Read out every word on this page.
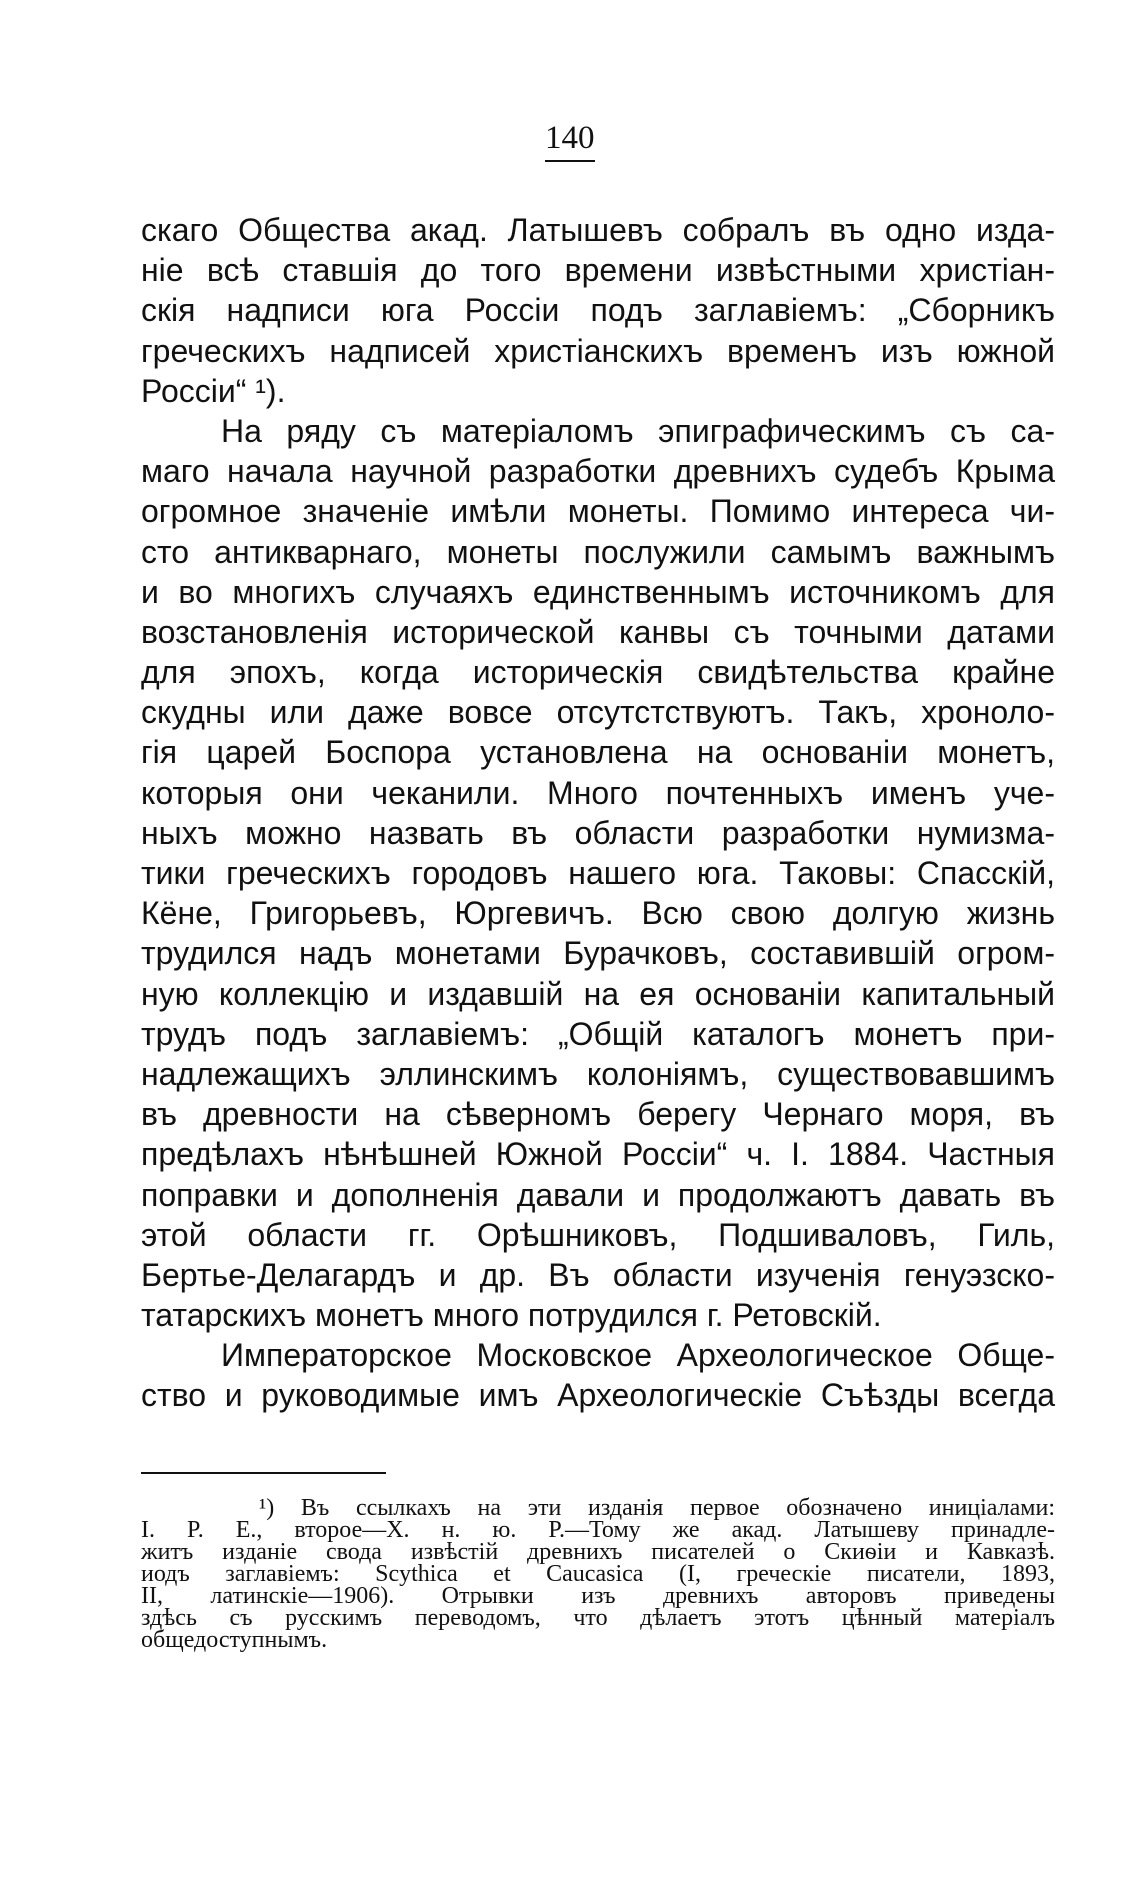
140
скаго Общества акад. Латышевъ собралъ въ одно изда-
ніе всѣ ставшія до того времени извѣстными христіан-
скія надписи юга Россіи подъ заглавіемъ: „Сборникъ
греческихъ надписей христіанскихъ временъ изъ южной
Россіи“ ¹).
На ряду съ матеріаломъ эпиграфическимъ съ са-
маго начала научной разработки древнихъ судебъ Крыма
огромное значеніе имѣли монеты. Помимо интереса чи-
сто антикварнаго, монеты послужили самымъ важнымъ
и во многихъ случаяхъ единственнымъ источникомъ для
возстановленія исторической канвы съ точными датами
для эпохъ, когда историческія свидѣтельства крайне
скудны или даже вовсе отсутстствуютъ. Такъ, хроноло-
гія царей Боспора установлена на основаніи монетъ,
которыя они чеканили. Много почтенныхъ именъ уче-
ныхъ можно назвать въ области разработки нумизма-
тики греческихъ городовъ нашего юга. Таковы: Спасскій,
Кёне, Григорьевъ, Юргевичъ. Всю свою долгую жизнь
трудился надъ монетами Бурачковъ, составившій огром-
ную коллекцію и издавшій на ея основаніи капитальный
трудъ подъ заглавіемъ: „Общій каталогъ монетъ при-
надлежащихъ эллинскимъ колоніямъ, существовавшимъ
въ древности на сѣверномъ берегу Чернаго моря, въ
предѣлахъ нѣнѣшней Южной Россіи“ ч. I. 1884. Частныя
поправки и дополненія давали и продолжаютъ давать въ
этой области гг. Орѣшниковъ, Подшиваловъ, Гиль,
Бертье-Делагардъ и др. Въ области изученія генуэзско-
татарскихъ монетъ много потрудился г. Ретовскій.
Императорское Московское Археологическое Обще-
ство и руководимые имъ Археологическіе Съѣзды всегда
¹) Въ ссылкахъ на эти изданія первое обозначено иниціалами:
I. P. E., второе—X. н. ю. P.—Тому же акад. Латышеву принадле-
житъ изданіе свода извѣстій древнихъ писателей о Скиѳіи и Кавказѣ.
иодъ заглавіемъ: Scythica et Caucasica (I, греческіе писатели, 1893,
II, латинскіе—1906). Отрывки изъ древнихъ авторовъ приведены
здѣсь съ русскимъ переводомъ, что дѣлаетъ этотъ цѣнный матеріалъ
общедоступнымъ.
